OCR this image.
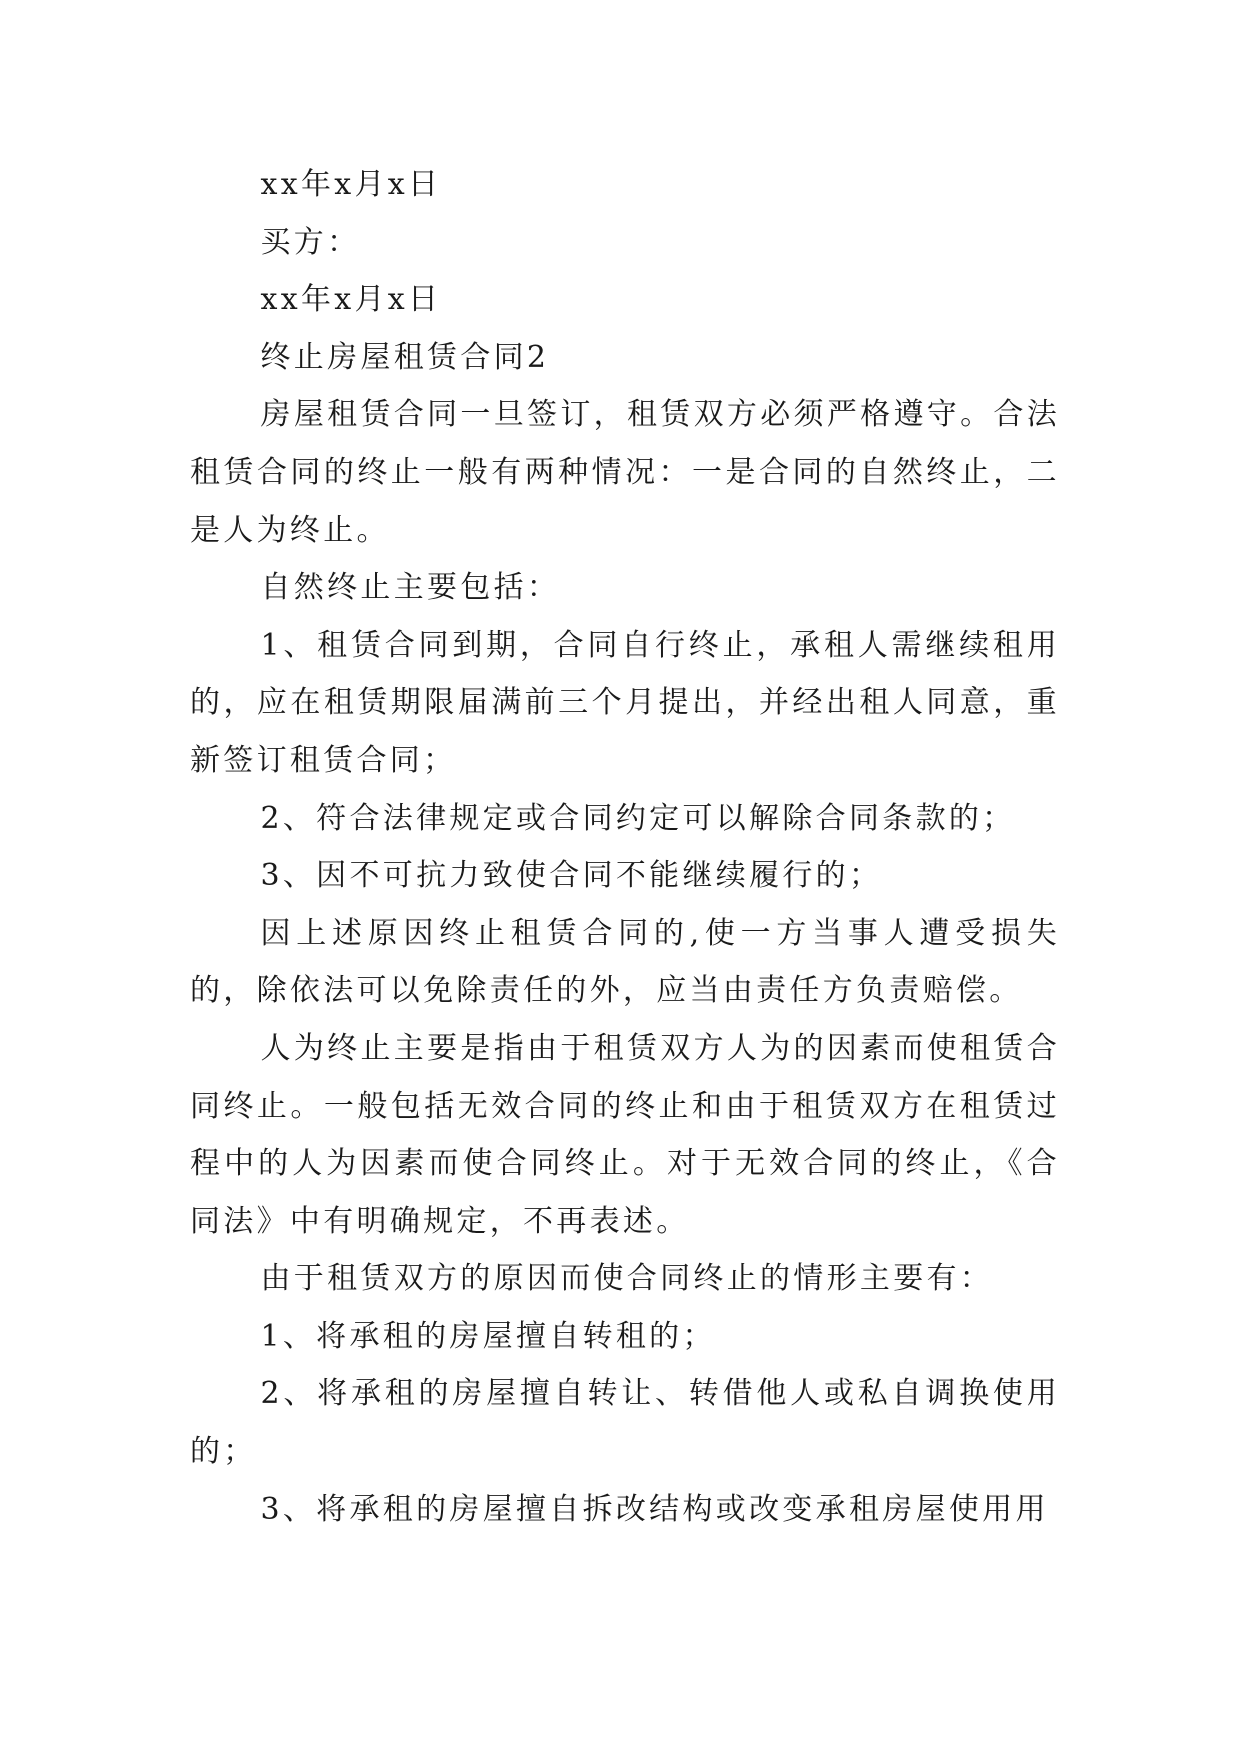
xx年x月x日

买方：

xx年x月x日

终止房屋租赁合同2

房屋租赁合同一旦签订，租赁双方必须严格遵守。合法租赁合同的终止一般有两种情况：一是合同的自然终止，二是人为终止。

自然终止主要包括：

1、租赁合同到期，合同自行终止，承租人需继续租用的，应在租赁期限届满前三个月提出，并经出租人同意，重新签订租赁合同；

2、符合法律规定或合同约定可以解除合同条款的；

3、因不可抗力致使合同不能继续履行的；

因上述原因终止租赁合同的,使一方当事人遭受损失的，除依法可以免除责任的外，应当由责任方负责赔偿。

人为终止主要是指由于租赁双方人为的因素而使租赁合同终止。一般包括无效合同的终止和由于租赁双方在租赁过程中的人为因素而使合同终止。对于无效合同的终止，《合同法》中有明确规定，不再表述。

由于租赁双方的原因而使合同终止的情形主要有：

1、将承租的房屋擅自转租的；

2、将承租的房屋擅自转让、转借他人或私自调换使用的；

3、将承租的房屋擅自拆改结构或改变承租房屋使用用
